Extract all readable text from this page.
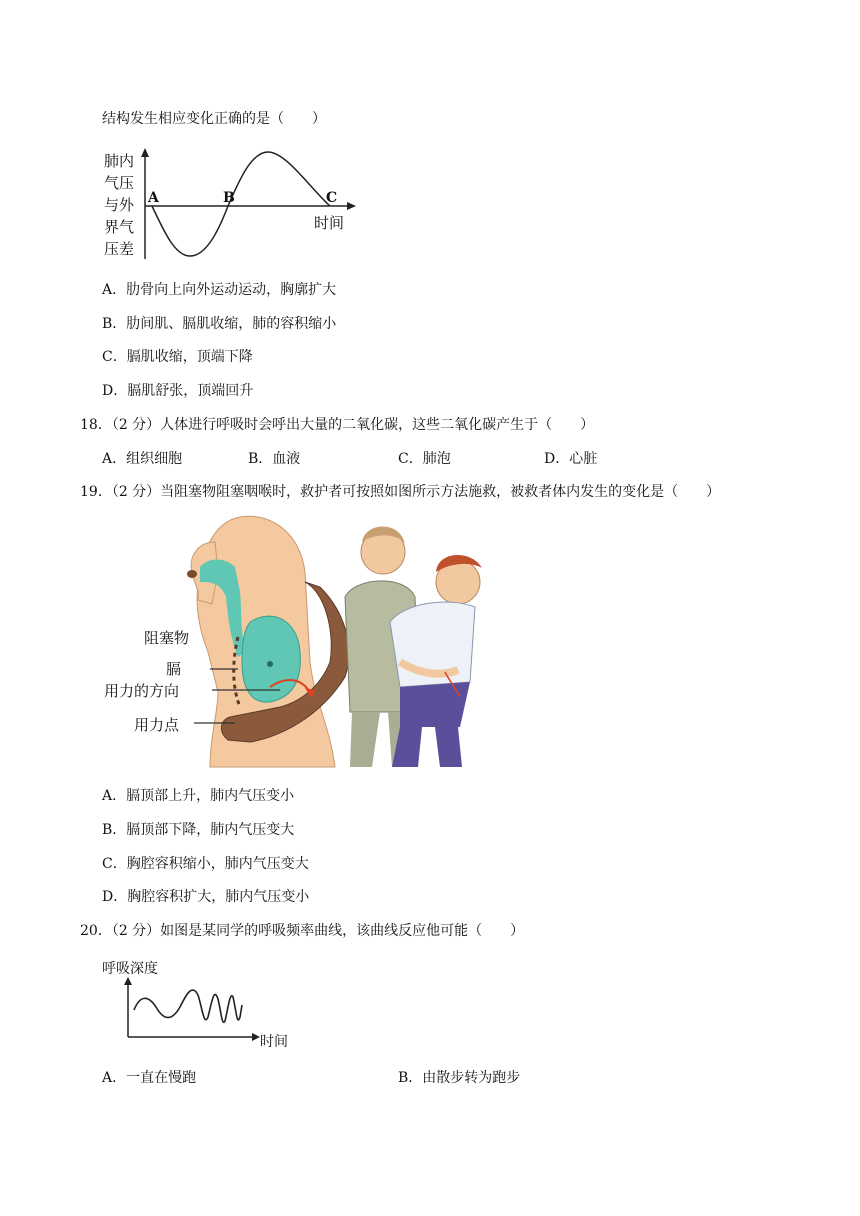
结构发生相应变化正确的是（　　）
肺内
气压
与外
界气
压差
A	B	C
时间
A．肋骨向上向外运动运动，胸廓扩大
B．肋间肌、膈肌收缩，肺的容积缩小
C．膈肌收缩，顶端下降
D．膈肌舒张，顶端回升
18．（2 分）人体进行呼吸时会呼出大量的二氧化碳，这些二氧化碳产生于（　　）
A．组织细胞	B．血液	C．肺泡	D．心脏
19．（2 分）当阻塞物阻塞咽喉时，救护者可按照如图所示方法施救，被救者体内发生的变化是（　　）
阻塞物
膈
用力的方向
用力点
A．膈顶部上升，肺内气压变小
B．膈顶部下降，肺内气压变大
C．胸腔容积缩小，肺内气压变大
D．胸腔容积扩大，肺内气压变小
20．（2 分）如图是某同学的呼吸频率曲线，该曲线反应他可能（　　）
呼吸深度
时间
A．一直在慢跑	B．由散步转为跑步
